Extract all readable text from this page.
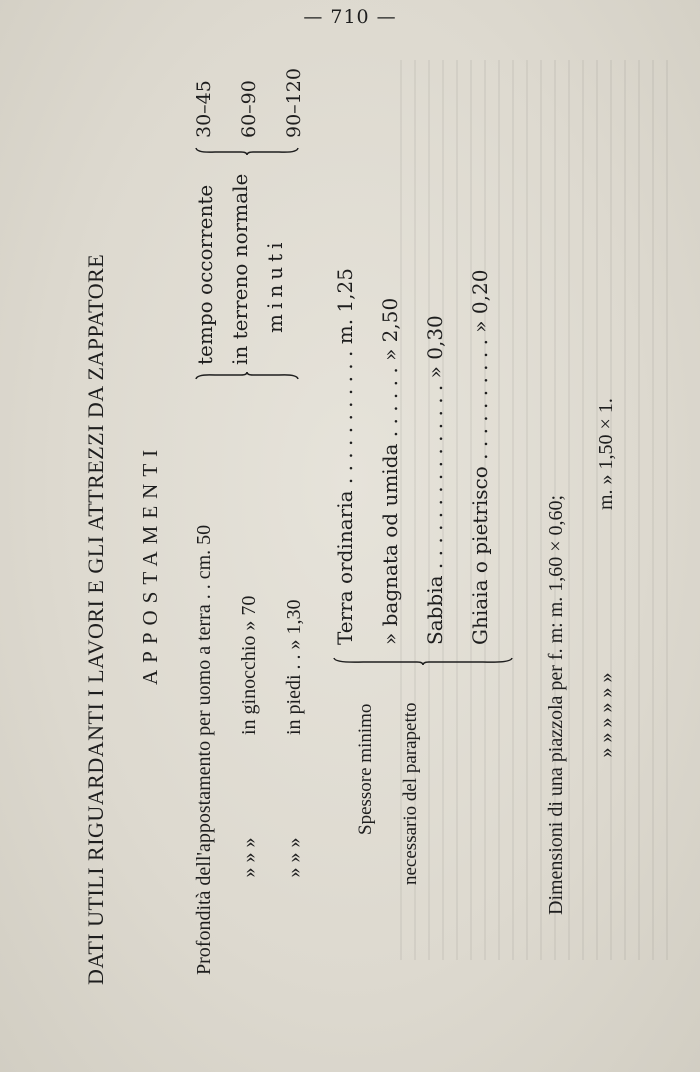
— 710 —
DATI UTILI RIGUARDANTI I LAVORI E GLI ATTREZZI DA ZAPPATORE APPOSTAMENTI
Profondità dell'appostamento per uomo a terra . . cm. 50
» » » in ginocchio » 70
» » » in piedi . . » 1,30
tempo occorrente in terreno normale minuti
30–45 60–90 90–120
Spessore minimo necessario del parapetto
Terra ordinaria . . . . . . . . . . . m. 1,25
» bagnata od umida . . . . . . » 2,50
Sabbia . . . . . . . . . . . . . . . » 0,30
Ghiaia o pietrisco . . . . . . . . . . » 0,20
Dimensioni di una piazzola per f. m: m. 1,60 × 0,60; » » » » » » m. » 1,50 × 1.
